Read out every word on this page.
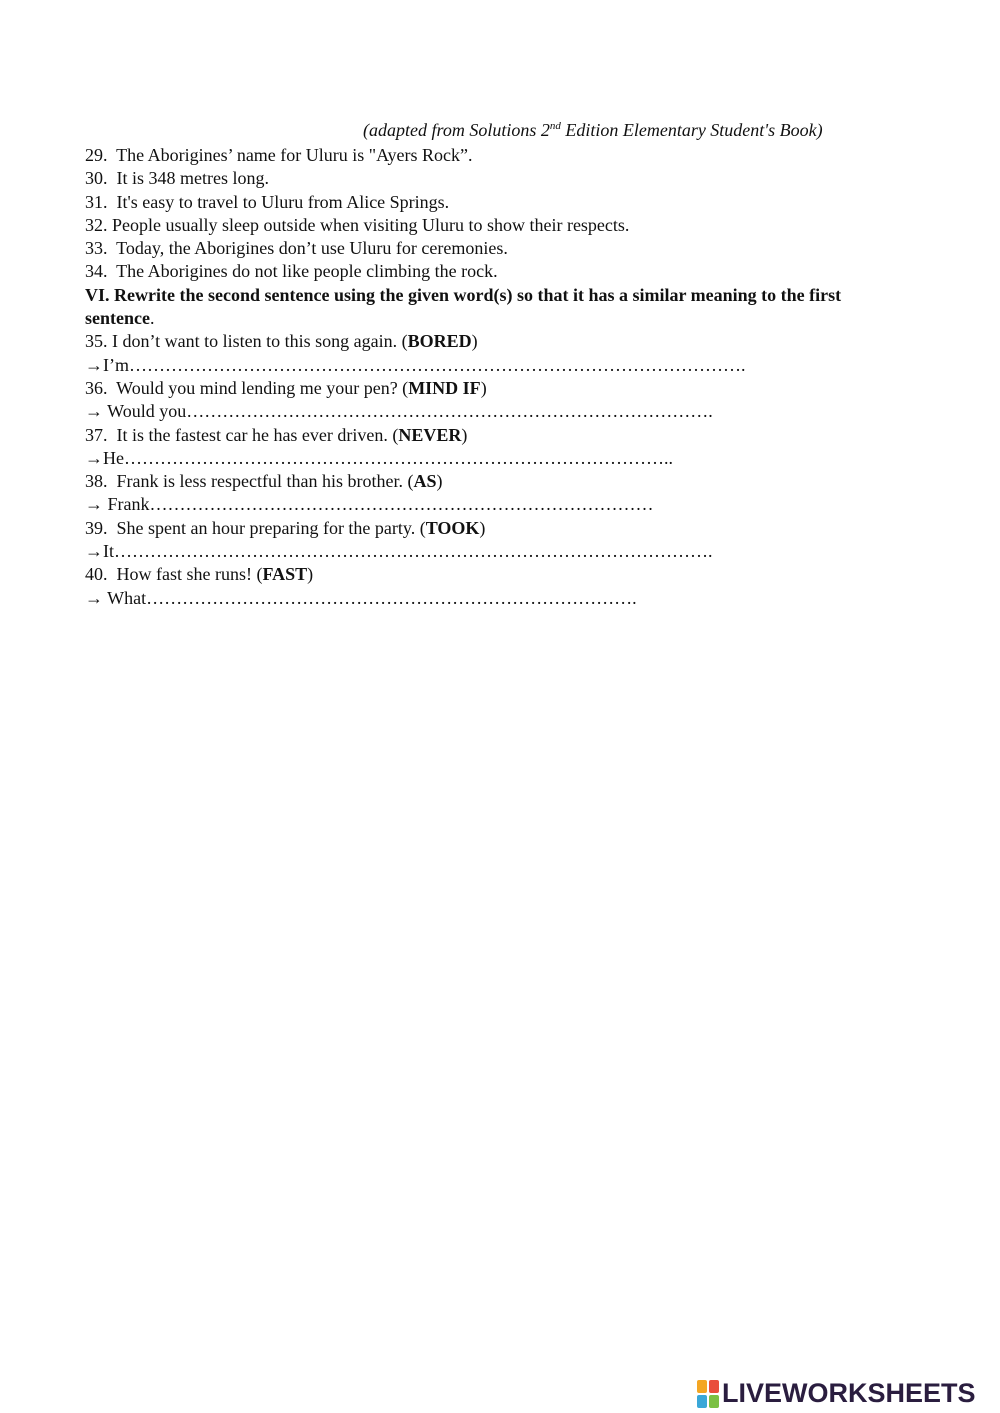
(adapted from Solutions 2nd Edition Elementary Student's Book)
29.  The Aborigines’ name for Uluru is "Ayers Rock”.
30.  It is 348 metres long.
31.  It's easy to travel to Uluru from Alice Springs.
32. People usually sleep outside when visiting Uluru to show their respects.
33.  Today, the Aborigines don’t use Uluru for ceremonies.
34.  The Aborigines do not like people climbing the rock.
VI. Rewrite the second sentence using the given word(s) so that it has a similar meaning to the first sentence.
35. I don’t want to listen to this song again. (BORED)
→I’m………………………………………………………………………………………….
36.  Would you mind lending me your pen? (MIND IF)
→ Would you…………………………………………………………………………….
37.  It is the fastest car he has ever driven. (NEVER)
→He………………………………………………………………………………..
38.  Frank is less respectful than his brother. (AS)
→ Frank…………………………………………………………………………
39.  She spent an hour preparing for the party. (TOOK)
→It……………………………………………………………………………………….
40.  How fast she runs! (FAST)
→ What……………………………………………………………………….
LIVEWORKSHEETS
